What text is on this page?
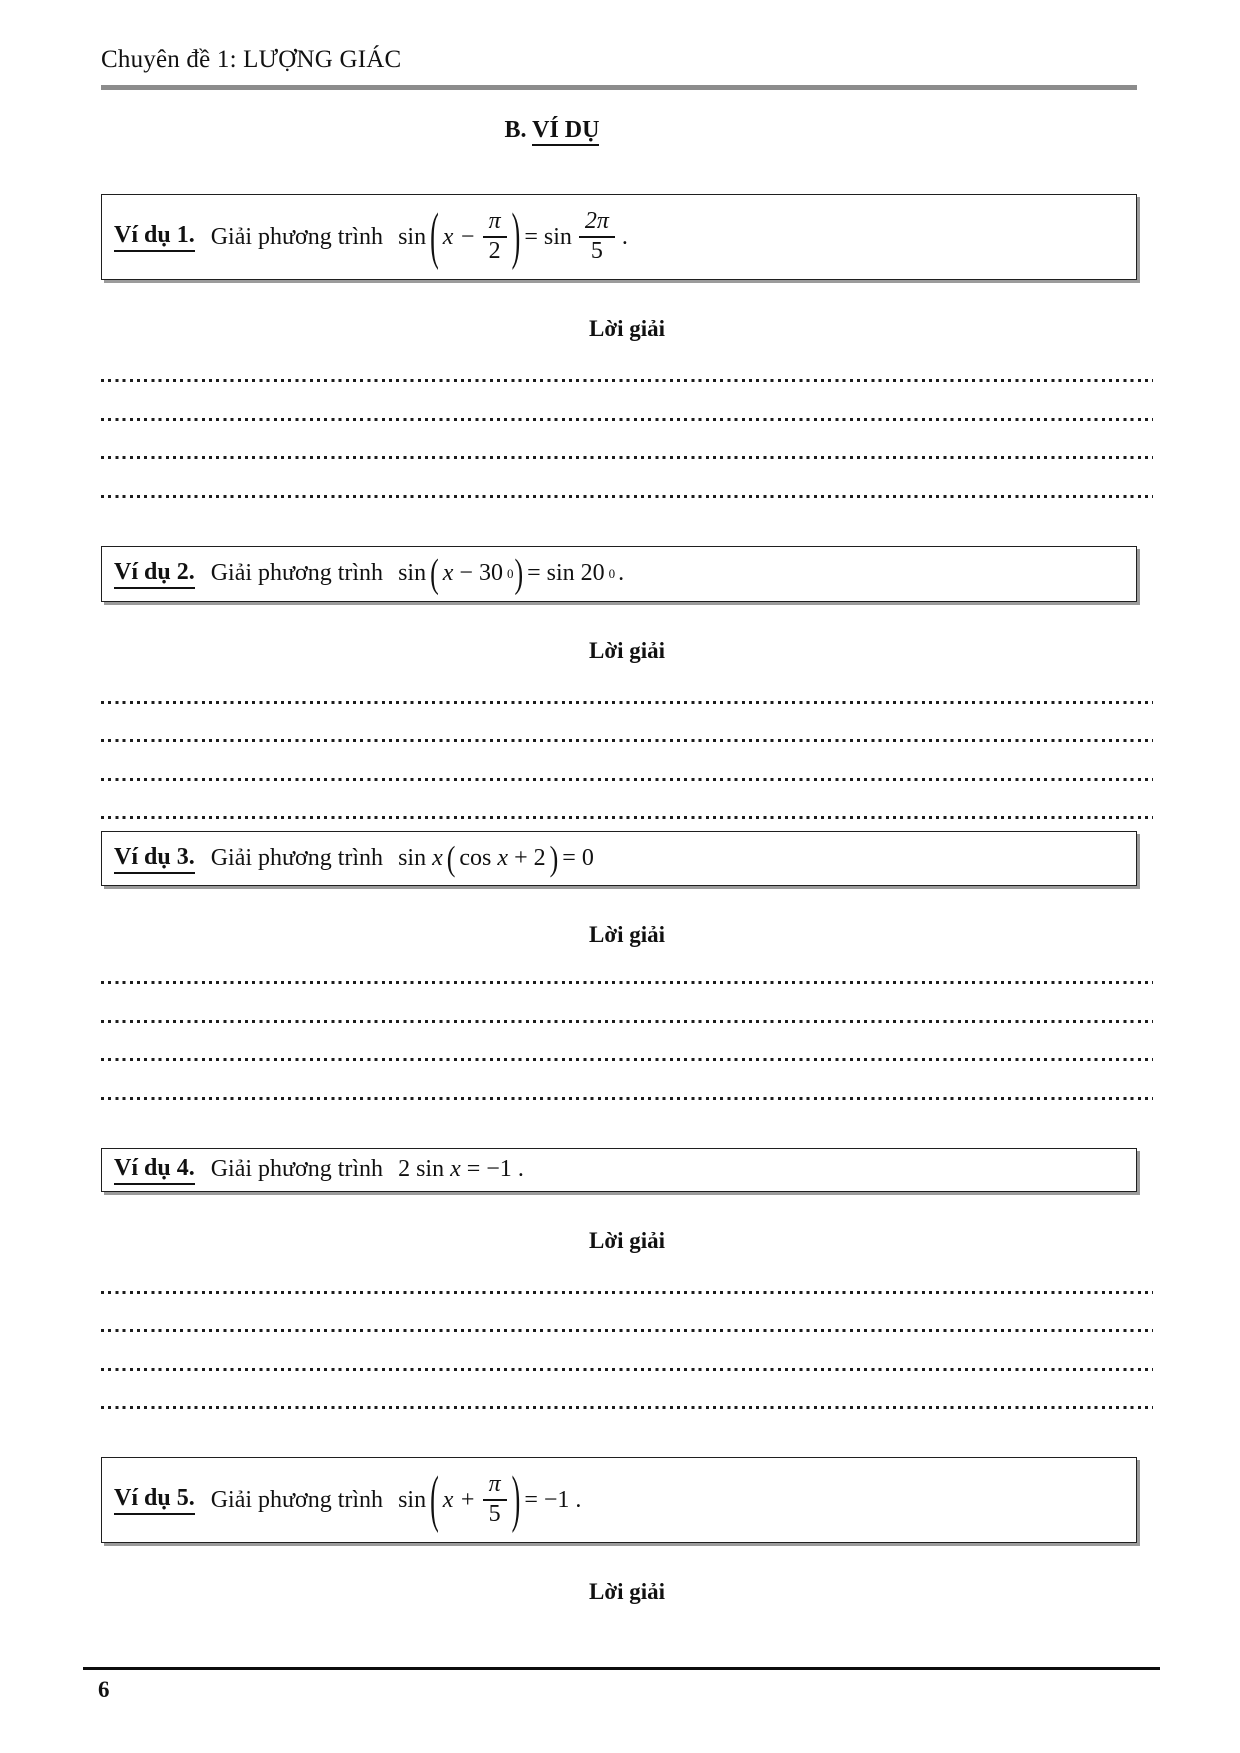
Chuyên đề 1: LƯỢNG GIÁC
B. VÍ DỤ
Ví dụ 1. Giải phương trình sin ( $x - \frac{\pi}{2}$ ) = $\sin \frac{2\pi}{5}$ .
Lời giải
Ví dụ 2. Giải phương trình sin ( x − 30 0 ) = sin 20 0 .
Lời giải
Ví dụ 3. Giải phương trình sin x ( cos x + 2 ) = 0
Lời giải
Ví dụ 4. Giải phương trình 2 sin x = −1 .
Lời giải
Ví dụ 5. Giải phương trình sin ( $x + \frac{\pi}{5}$ ) = −1 .
Lời giải
6
